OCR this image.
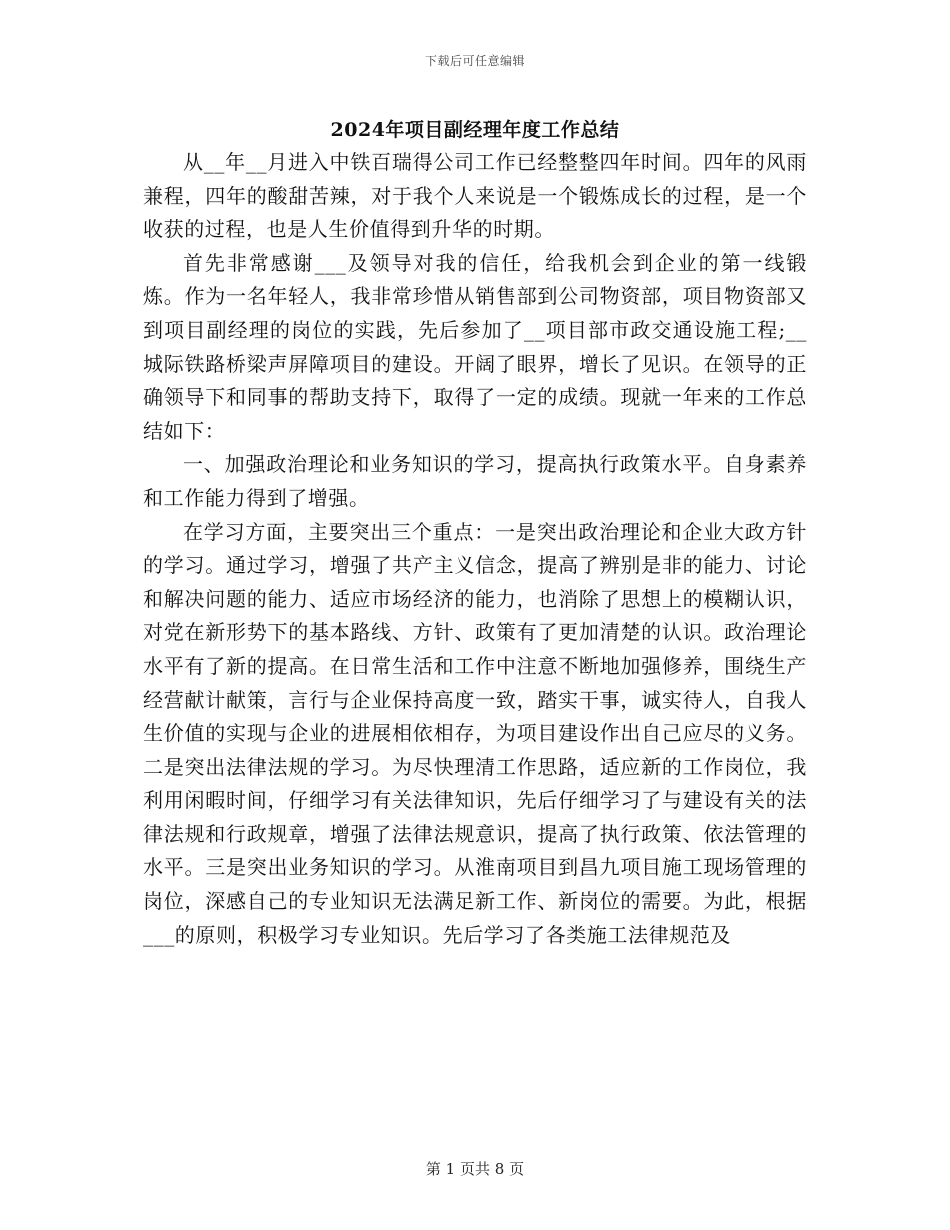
下载后可任意编辑
2024年项目副经理年度工作总结

从__年__月进入中铁百瑞得公司工作已经整整四年时间。四年的风雨兼程，四年的酸甜苦辣，对于我个人来说是一个锻炼成长的过程，是一个收获的过程，也是人生价值得到升华的时期。

首先非常感谢___及领导对我的信任，给我机会到企业的第一线锻炼。作为一名年轻人，我非常珍惜从销售部到公司物资部，项目物资部又到项目副经理的岗位的实践，先后参加了__项目部市政交通设施工程;__城际铁路桥梁声屏障项目的建设。开阔了眼界，增长了见识。在领导的正确领导下和同事的帮助支持下，取得了一定的成绩。现就一年来的工作总结如下：

一、加强政治理论和业务知识的学习，提高执行政策水平。自身素养和工作能力得到了增强。

在学习方面，主要突出三个重点：一是突出政治理论和企业大政方针的学习。通过学习，增强了共产主义信念，提高了辨别是非的能力、讨论和解决问题的能力、适应市场经济的能力，也消除了思想上的模糊认识，对党在新形势下的基本路线、方针、政策有了更加清楚的认识。政治理论水平有了新的提高。在日常生活和工作中注意不断地加强修养，围绕生产经营献计献策，言行与企业保持高度一致，踏实干事，诚实待人，自我人生价值的实现与企业的进展相依相存，为项目建设作出自己应尽的义务。二是突出法律法规的学习。为尽快理清工作思路，适应新的工作岗位，我利用闲暇时间，仔细学习有关法律知识，先后仔细学习了与建设有关的法律法规和行政规章，增强了法律法规意识，提高了执行政策、依法管理的水平。三是突出业务知识的学习。从淮南项目到昌九项目施工现场管理的岗位，深感自己的专业知识无法满足新工作、新岗位的需要。为此，根据___的原则，积极学习专业知识。先后学习了各类施工法律规范及

第 1 页共 8 页
